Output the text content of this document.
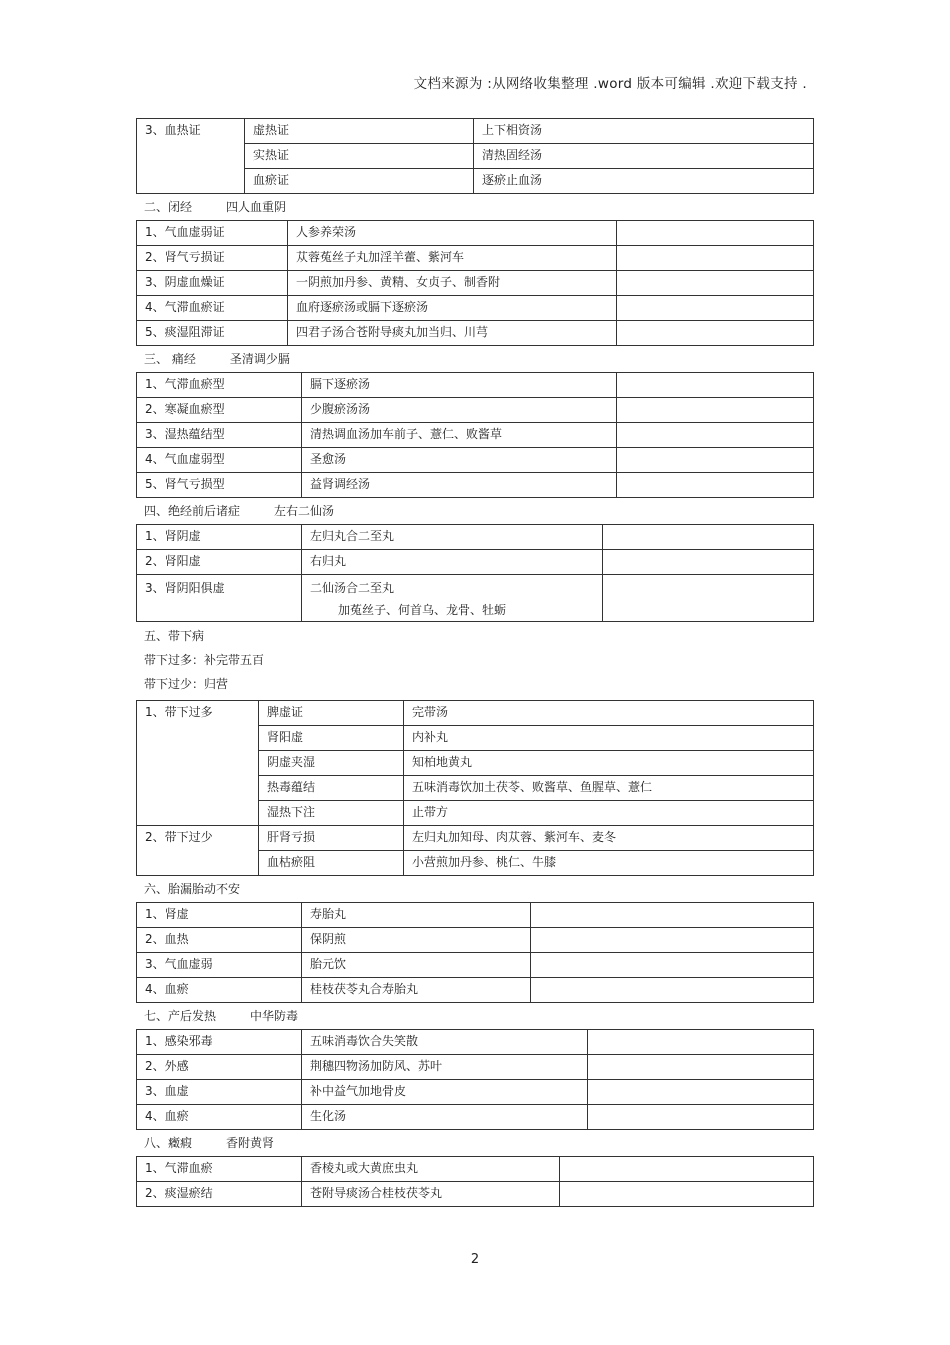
文档来源为 :从网络收集整理 .word 版本可编辑 .欢迎下载支持 .
3、血热证	虚热证	上下相资汤
	实热证	清热固经汤
	血瘀证	逐瘀止血汤
二、闭经	四人血重阴
1、气血虚弱证	人参养荣汤	
2、肾气亏损证	苁蓉菟丝子丸加淫羊藿、紫河车	
3、阴虚血燥证	一阴煎加丹参、黄精、女贞子、制香附	
4、气滞血瘀证	血府逐瘀汤或膈下逐瘀汤	
5、痰湿阻滞证	四君子汤合苍附导痰丸加当归、川芎	
三、 痛经	圣清调少膈
1、气滞血瘀型	膈下逐瘀汤	
2、寒凝血瘀型	少腹瘀汤汤	
3、湿热蕴结型	清热调血汤加车前子、薏仁、败酱草	
4、气血虚弱型	圣愈汤	
5、肾气亏损型	益肾调经汤	
四、绝经前后诸症	左右二仙汤
1、肾阴虚	左归丸合二至丸	
2、肾阳虚	右归丸	
3、肾阴阳俱虚	二仙汤合二至丸
加菟丝子、何首乌、龙骨、牡蛎	

五、带下病
带下过多：补完带五百
带下过少：归营
1、带下过多	脾虚证	完带汤
	肾阳虚	内补丸
	阴虚夹湿	知柏地黄丸
	热毒蕴结	五味消毒饮加土茯苓、败酱草、鱼腥草、薏仁
	湿热下注	止带方
2、带下过少	肝肾亏损	左归丸加知母、肉苁蓉、紫河车、麦冬
	血枯瘀阻	小营煎加丹参、桃仁、牛膝
六、胎漏胎动不安
1、肾虚	寿胎丸	
2、血热	保阴煎	
3、气血虚弱	胎元饮	
4、血瘀	桂枝茯苓丸合寿胎丸	
七、产后发热	中华防毒
1、感染邪毒	五味消毒饮合失笑散	
2、外感	荆穗四物汤加防风、苏叶	
3、血虚	补中益气加地骨皮	
4、血瘀	生化汤	
八、癥瘕	香附黄肾
1、气滞血瘀	香棱丸或大黄庶虫丸	
2、痰湿瘀结	苍附导痰汤合桂枝茯苓丸	
2
